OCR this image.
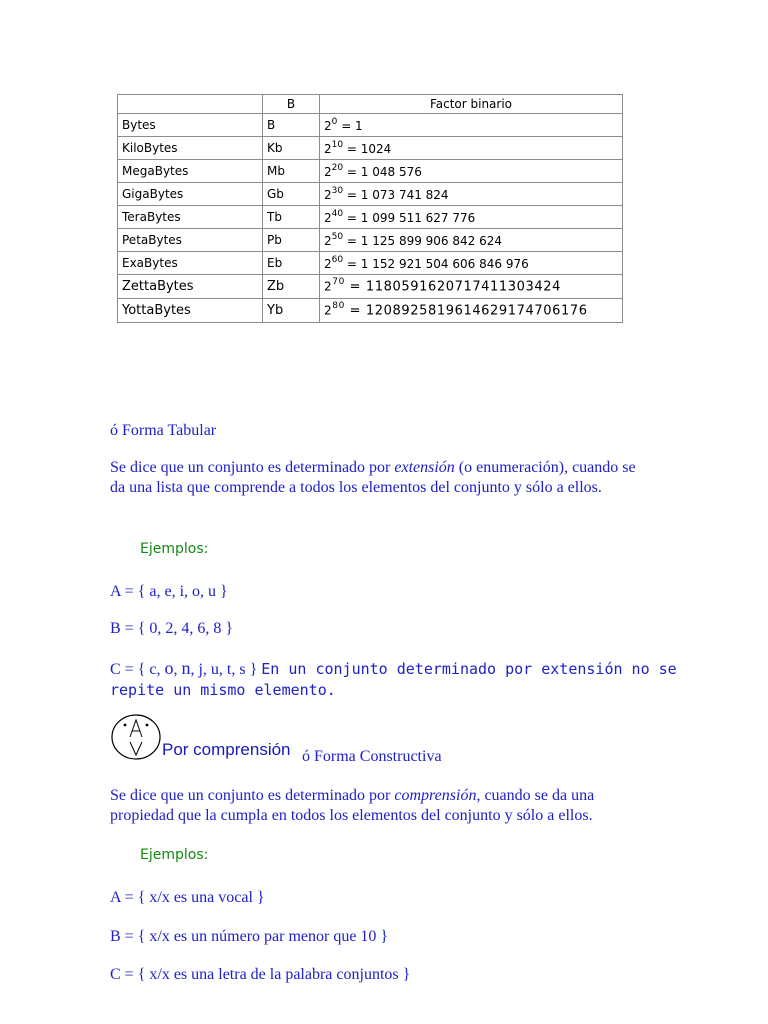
	B	Factor binario
Bytes	B	$2^0 = 1$
KiloBytes	Kb	$2^{10} = 1024$
MegaBytes	Mb	$2^{20} = 1$ 048 576
GigaBytes	Gb	$2^{30} = 1$ 073 741 824
TeraBytes	Tb	$2^{40} = 1$ 099 511 627 776
PetaBytes	Pb	$2^{50} = 1$ 125 899 906 842 624
ExaBytes	Eb	$2^{60} = 1$ 152 921 504 606 846 976
ZettaBytes	Zb	$2^{70} = 1180591620717411303424$
YottaBytes	Yb	$2^{80} = 1208925819614629174706176$

ó Forma Tabular

Se dice que un conjunto es determinado por extensión (o enumeración), cuando se da una lista que comprende a todos los elementos del conjunto y sólo a ellos.

Ejemplos:

A = { a, e, i, o, u }

B = { 0, 2, 4, 6, 8 }

C = { c, o, n, j, u, t, s } En un conjunto determinado por extensión no se repite un mismo elemento.

Por comprensión ó Forma Constructiva

Se dice que un conjunto es determinado por comprensión, cuando se da una propiedad que la cumpla en todos los elementos del conjunto y sólo a ellos.

Ejemplos:

A = { x/x es una vocal }

B = { x/x es un número par menor que 10 }

C = { x/x es una letra de la palabra conjuntos }
